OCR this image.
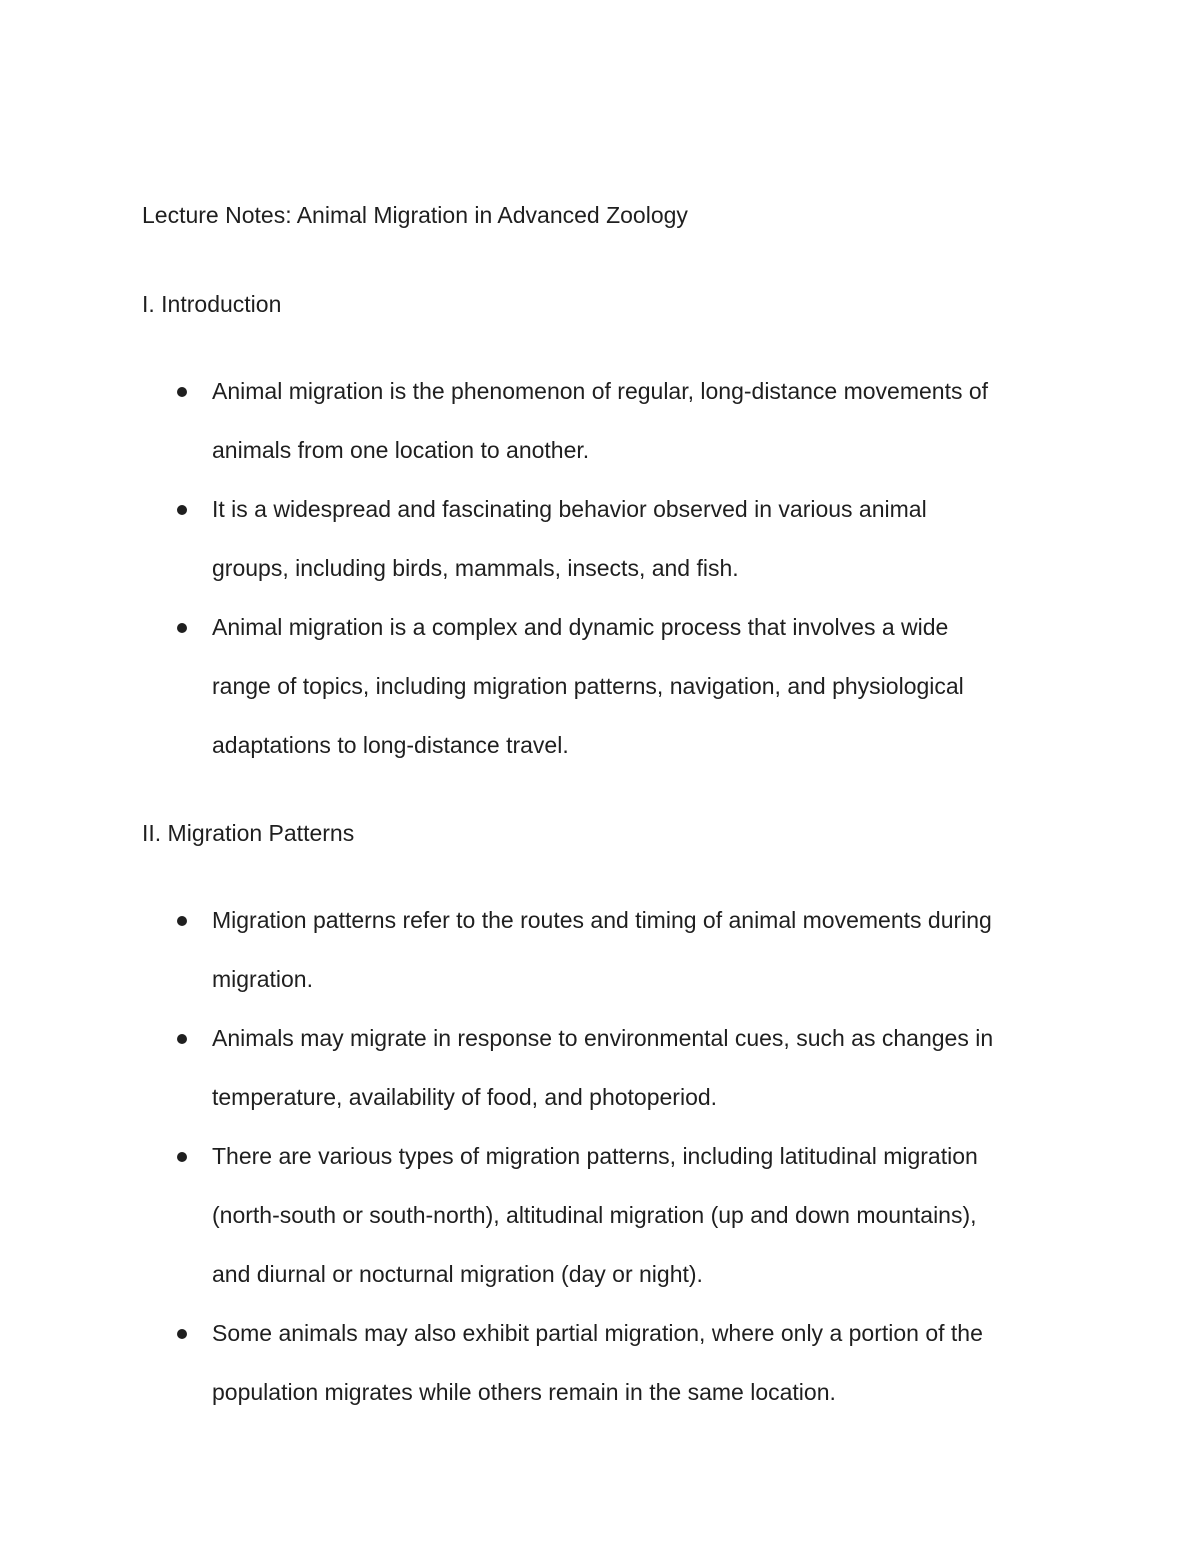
Lecture Notes: Animal Migration in Advanced Zoology
I. Introduction
Animal migration is the phenomenon of regular, long-distance movements of
animals from one location to another.
It is a widespread and fascinating behavior observed in various animal
groups, including birds, mammals, insects, and fish.
Animal migration is a complex and dynamic process that involves a wide
range of topics, including migration patterns, navigation, and physiological
adaptations to long-distance travel.
II. Migration Patterns
Migration patterns refer to the routes and timing of animal movements during
migration.
Animals may migrate in response to environmental cues, such as changes in
temperature, availability of food, and photoperiod.
There are various types of migration patterns, including latitudinal migration
(north-south or south-north), altitudinal migration (up and down mountains),
and diurnal or nocturnal migration (day or night).
Some animals may also exhibit partial migration, where only a portion of the
population migrates while others remain in the same location.
